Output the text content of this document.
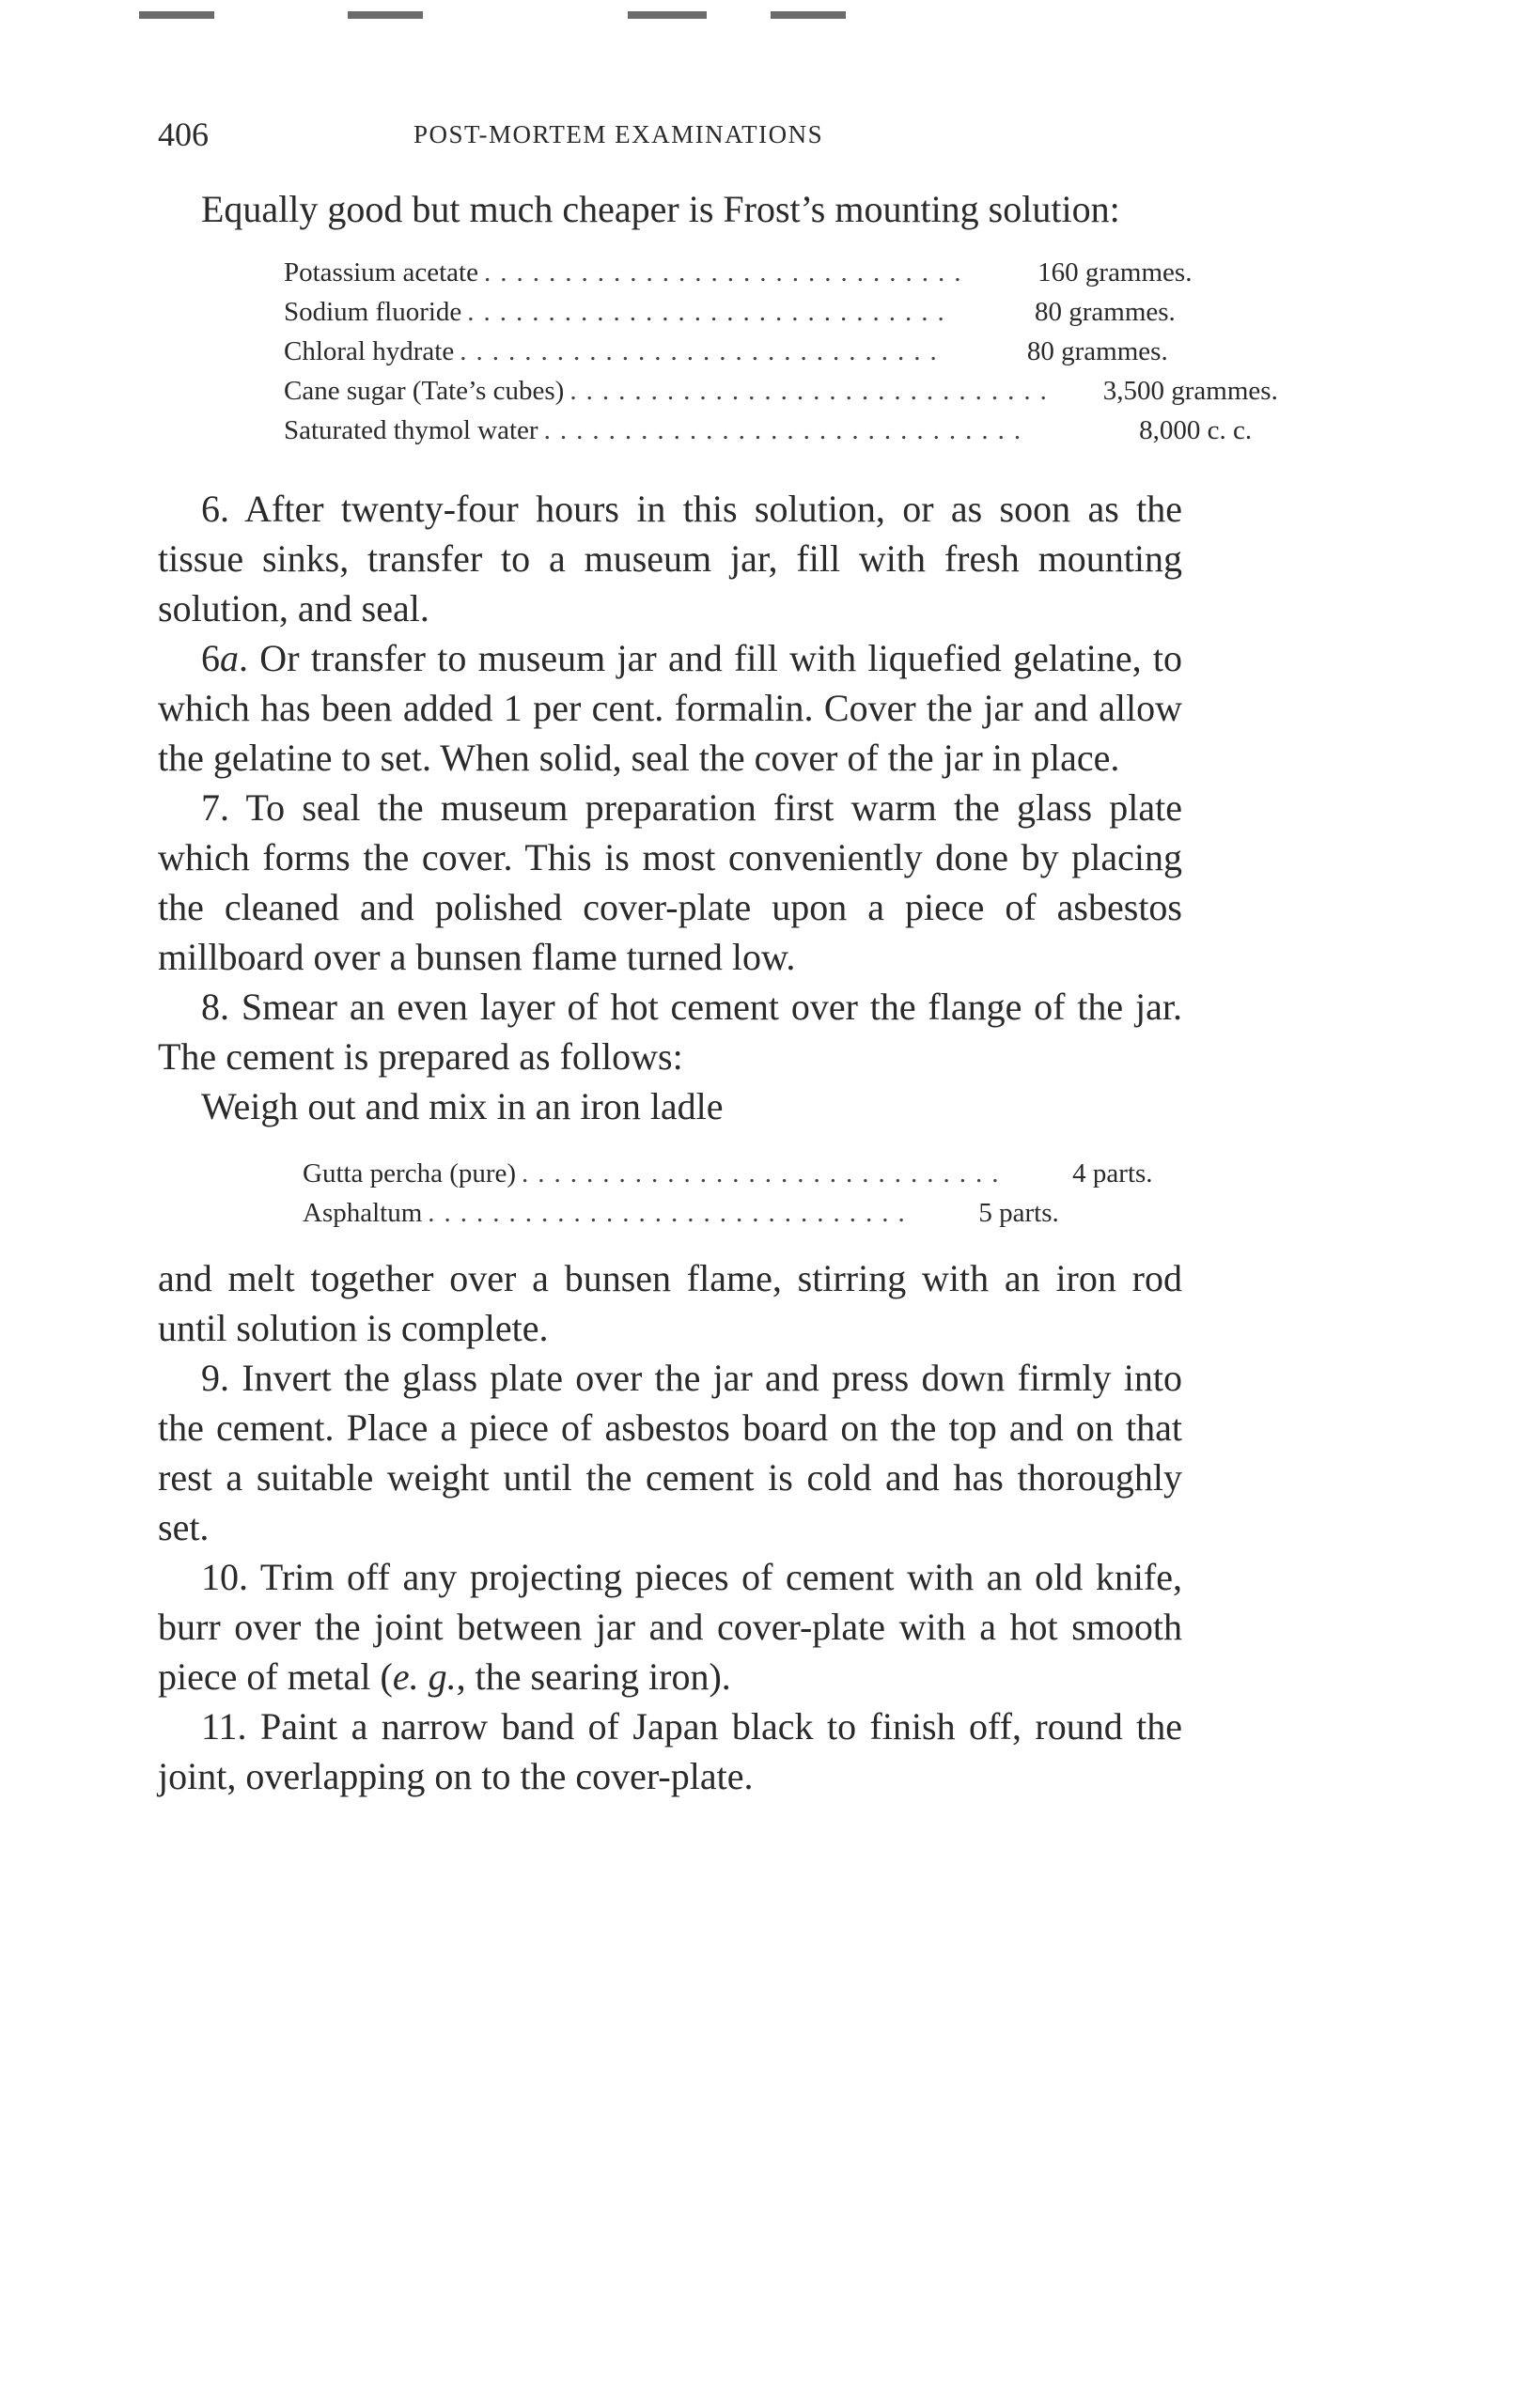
406	POST-MORTEM EXAMINATIONS

Equally good but much cheaper is Frost’s mounting solution:

Potassium acetate ..............................	160 grammes.
Sodium fluoride ..............................	80 grammes.
Chloral hydrate ..............................	80 grammes.
Cane sugar (Tate’s cubes) ..............................	3,500 grammes.
Saturated thymol water ..............................	8,000 c. c.

6. After twenty-four hours in this solution, or as soon as the tissue sinks, transfer to a museum jar, fill with fresh mounting solution, and seal.

6a. Or transfer to museum jar and fill with liquefied gelatine, to which has been added 1 per cent. formalin. Cover the jar and allow the gelatine to set. When solid, seal the cover of the jar in place.

7. To seal the museum preparation first warm the glass plate which forms the cover. This is most conveniently done by placing the cleaned and polished cover-plate upon a piece of asbestos millboard over a bunsen flame turned low.

8. Smear an even layer of hot cement over the flange of the jar. The cement is prepared as follows:

Weigh out and mix in an iron ladle

Gutta percha (pure) ..............................	4 parts.
Asphaltum ..............................	5 parts.

and melt together over a bunsen flame, stirring with an iron rod until solution is complete.

9. Invert the glass plate over the jar and press down firmly into the cement. Place a piece of asbestos board on the top and on that rest a suitable weight until the cement is cold and has thoroughly set.

10. Trim off any projecting pieces of cement with an old knife, burr over the joint between jar and cover-plate with a hot smooth piece of metal (e. g., the searing iron).

11. Paint a narrow band of Japan black to finish off, round the joint, overlapping on to the cover-plate.
